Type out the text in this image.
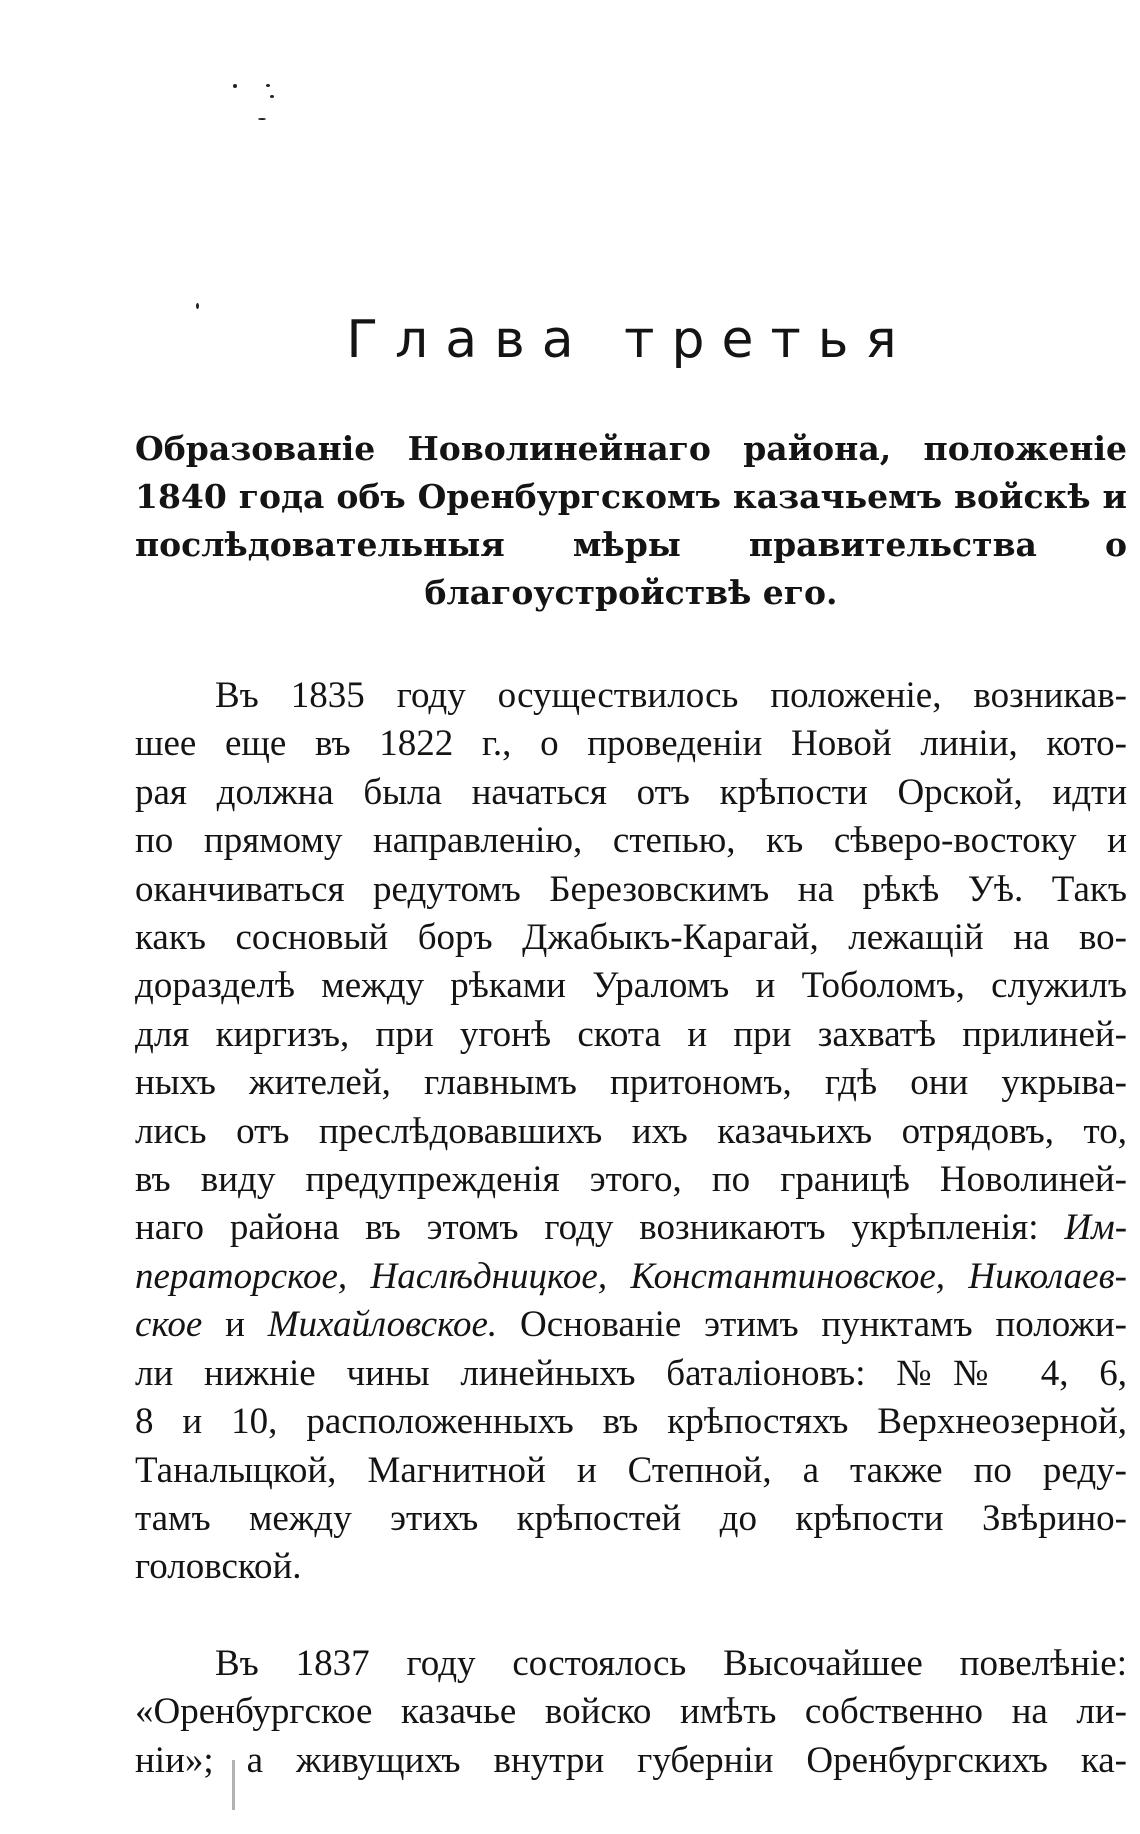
Глава третья

Образованіе Новолинейнаго района, положеніе 1840 года объ Оренбургскомъ казачьемъ войскѣ и послѣдовательныя мѣры правительства о благоустройствѣ его.

Въ 1835 году осуществилось положеніе, возникав-
шее еще въ 1822 г., о проведеніи Новой линіи, кото-
рая должна была начаться отъ крѣпости Орской, идти
по прямому направленію, степью, къ сѣверо-востоку и
оканчиваться редутомъ Березовскимъ на рѣкѣ Уѣ. Такъ
какъ сосновый боръ Джабыкъ-Карагай, лежащій на во-
доразделѣ между рѣками Ураломъ и Тоболомъ, служилъ
для киргизъ, при угонѣ скота и при захватѣ прилиней-
ныхъ жителей, главнымъ притономъ, гдѣ они укрыва-
лись отъ преслѣдовавшихъ ихъ казачьихъ отрядовъ, то,
въ виду предупрежденія этого, по границѣ Новолиней-
наго района въ этомъ году возникаютъ укрѣпленія: Им-
ператорское, Наслѣдницкое, Константиновское, Николаев-
ское и Михайловское. Основаніе этимъ пунктамъ положи-
ли нижніе чины линейныхъ баталіоновъ: №№ 4, 6,
8 и 10, расположенныхъ въ крѣпостяхъ Верхнеозерной,
Таналыцкой, Магнитной и Степной, а также по реду-
тамъ между этихъ крѣпостей до крѣпости Звѣрино-
головской.
Въ 1837 году состоялось Высочайшее повелѣніе:
«Оренбургское казачье войско имѣть собственно на ли-
ніи»; а живущихъ внутри губерніи Оренбургскихъ ка-
